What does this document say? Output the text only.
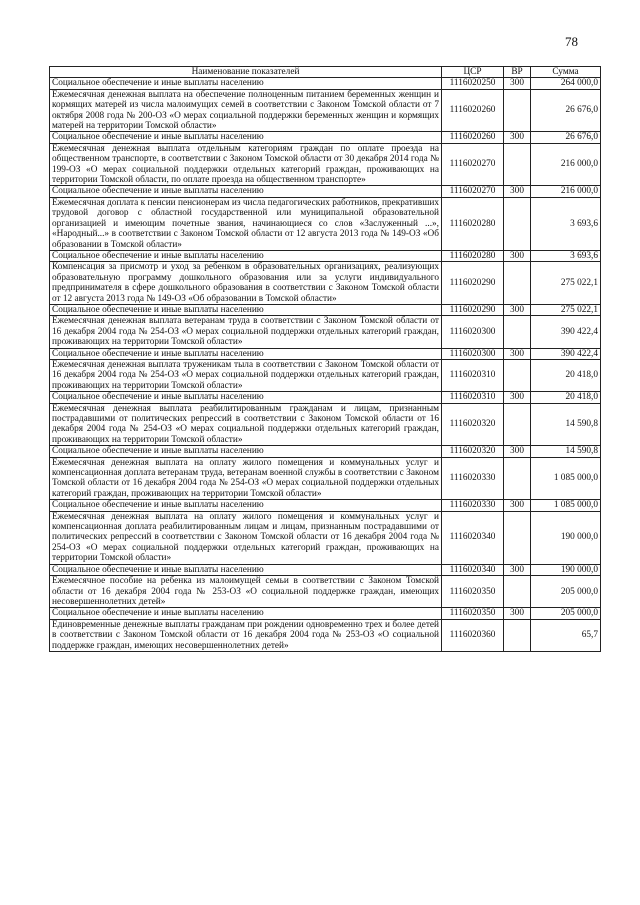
78
Наименование показателей	ЦСР	ВР	Сумма
Социальное обеспечение и иные выплаты населению	1116020250	300	264 000,0
Ежемесячная денежная выплата на обеспечение полноценным питанием беременных женщин и кормящих матерей из числа малоимущих семей в соответствии с Законом Томской области от 7 октября 2008 года № 200-ОЗ «О мерах социальной поддержки беременных женщин и кормящих матерей на территории Томской области»	1116020260		26 676,0
Социальное обеспечение и иные выплаты населению	1116020260	300	26 676,0
Ежемесячная денежная выплата отдельным категориям граждан по оплате проезда на общественном транспорте, в соответствии с Законом Томской области от 30 декабря 2014 года № 199-ОЗ «О мерах социальной поддержки отдельных категорий граждан, проживающих на территории Томской области, по оплате проезда на общественном транспорте»	1116020270		216 000,0
Социальное обеспечение и иные выплаты населению	1116020270	300	216 000,0
Ежемесячная доплата к пенсии пенсионерам из числа педагогических работников, прекративших трудовой договор с областной государственной или муниципальной образовательной организацией и имеющим почетные звания, начинающиеся со слов «Заслуженный ...», «Народный...» в соответствии с Законом Томской области от 12 августа 2013 года № 149-ОЗ «Об образовании в Томской области»	1116020280		3 693,6
Социальное обеспечение и иные выплаты населению	1116020280	300	3 693,6
Компенсация за присмотр и уход за ребенком в образовательных организациях, реализующих образовательную программу дошкольного образования или за услуги индивидуального предпринимателя в сфере дошкольного образования в соответствии с Законом Томской области от 12 августа 2013 года № 149-ОЗ «Об образовании в Томской области»	1116020290		275 022,1
Социальное обеспечение и иные выплаты населению	1116020290	300	275 022,1
Ежемесячная денежная выплата ветеранам труда в соответствии с Законом Томской области от 16 декабря 2004 года № 254-ОЗ «О мерах социальной поддержки отдельных категорий граждан, проживающих на территории Томской области»	1116020300		390 422,4
Социальное обеспечение и иные выплаты населению	1116020300	300	390 422,4
Ежемесячная денежная выплата труженикам тыла в соответствии с Законом Томской области от 16 декабря 2004 года № 254-ОЗ «О мерах социальной поддержки отдельных категорий граждан, проживающих на территории Томской области»	1116020310		20 418,0
Социальное обеспечение и иные выплаты населению	1116020310	300	20 418,0
Ежемесячная денежная выплата реабилитированным гражданам и лицам, признанным пострадавшими от политических репрессий в соответствии с Законом Томской области от 16 декабря 2004 года № 254-ОЗ «О мерах социальной поддержки отдельных категорий граждан, проживающих на территории Томской области»	1116020320		14 590,8
Социальное обеспечение и иные выплаты населению	1116020320	300	14 590,8
Ежемесячная денежная выплата на оплату жилого помещения и коммунальных услуг и компенсационная доплата ветеранам труда, ветеранам военной службы в соответствии с Законом Томской области от 16 декабря 2004 года № 254-ОЗ «О мерах социальной поддержки отдельных категорий граждан, проживающих на территории Томской области»	1116020330		1 085 000,0
Социальное обеспечение и иные выплаты населению	1116020330	300	1 085 000,0
Ежемесячная денежная выплата на оплату жилого помещения и коммунальных услуг и компенсационная доплата реабилитированным лицам и лицам, признанным пострадавшими от политических репрессий в соответствии с Законом Томской области от 16 декабря 2004 года № 254-ОЗ «О мерах социальной поддержки отдельных категорий граждан, проживающих на территории Томской области»	1116020340		190 000,0
Социальное обеспечение и иные выплаты населению	1116020340	300	190 000,0
Ежемесячное пособие на ребенка из малоимущей семьи в соответствии с Законом Томской области от 16 декабря 2004 года № 253-ОЗ «О социальной поддержке граждан, имеющих несовершеннолетних детей»	1116020350		205 000,0
Социальное обеспечение и иные выплаты населению	1116020350	300	205 000,0
Единовременные денежные выплаты гражданам при рождении одновременно трех и более детей в соответствии с Законом Томской области от 16 декабря 2004 года № 253-ОЗ «О социальной поддержке граждан, имеющих несовершеннолетних детей»	1116020360		65,7
